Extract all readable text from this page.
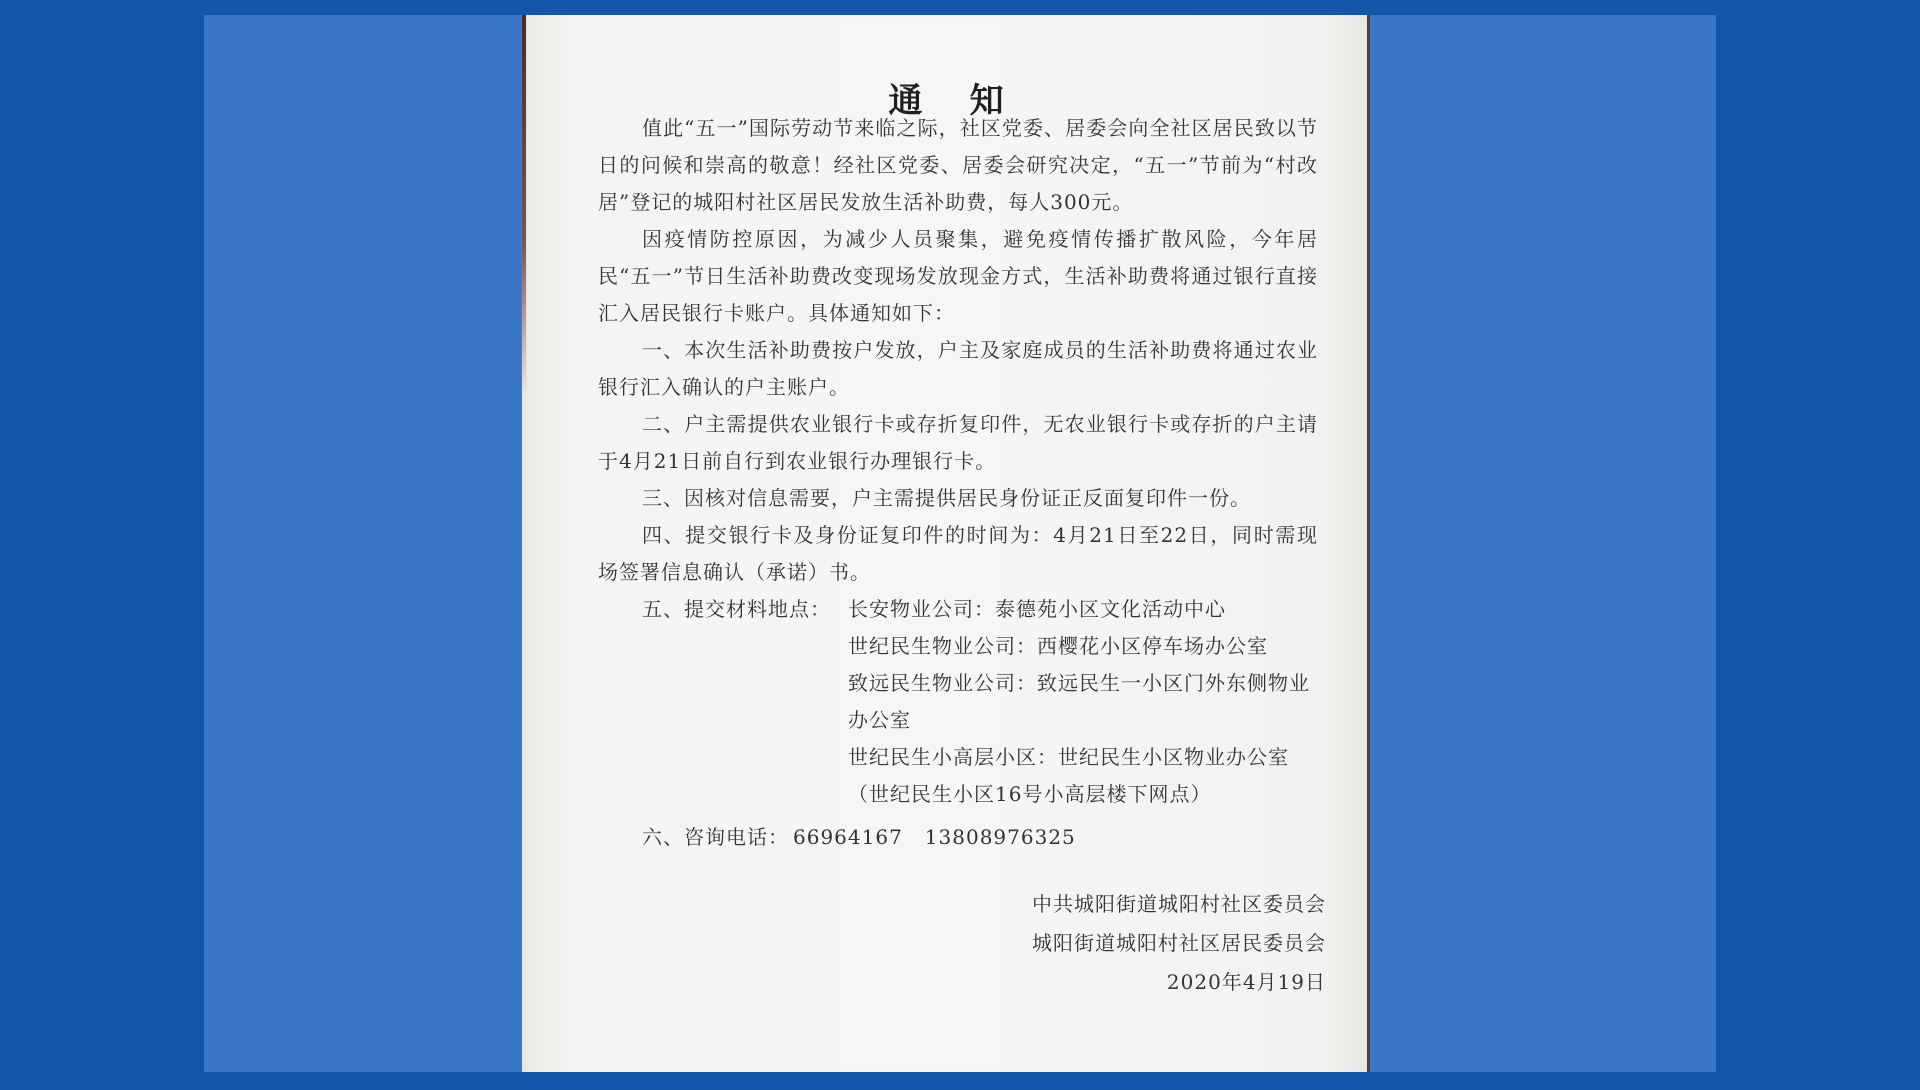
通    知

值此“五一”国际劳动节来临之际，社区党委、居委会向全社区居民致以节日的问候和崇高的敬意！经社区党委、居委会研究决定，“五一”节前为“村改居”登记的城阳村社区居民发放生活补助费，每人300元。

因疫情防控原因，为减少人员聚集，避免疫情传播扩散风险，今年居民“五一”节日生活补助费改变现场发放现金方式，生活补助费将通过银行直接汇入居民银行卡账户。具体通知如下：

一、本次生活补助费按户发放，户主及家庭成员的生活补助费将通过农业银行汇入确认的户主账户。

二、户主需提供农业银行卡或存折复印件，无农业银行卡或存折的户主请于4月21日前自行到农业银行办理银行卡。

三、因核对信息需要，户主需提供居民身份证正反面复印件一份。

四、提交银行卡及身份证复印件的时间为：4月21日至22日，同时需现场签署信息确认（承诺）书。

五、提交材料地点： 长安物业公司：泰德苑小区文化活动中心
世纪民生物业公司：西樱花小区停车场办公室
致远民生物业公司：致远民生一小区门外东侧物业办公室
世纪民生小高层小区：世纪民生小区物业办公室（世纪民生小区16号小高层楼下网点）
六、咨询电话： 66964167 13808976325
中共城阳街道城阳村社区委员会
城阳街道城阳村社区居民委员会
2020年4月19日
